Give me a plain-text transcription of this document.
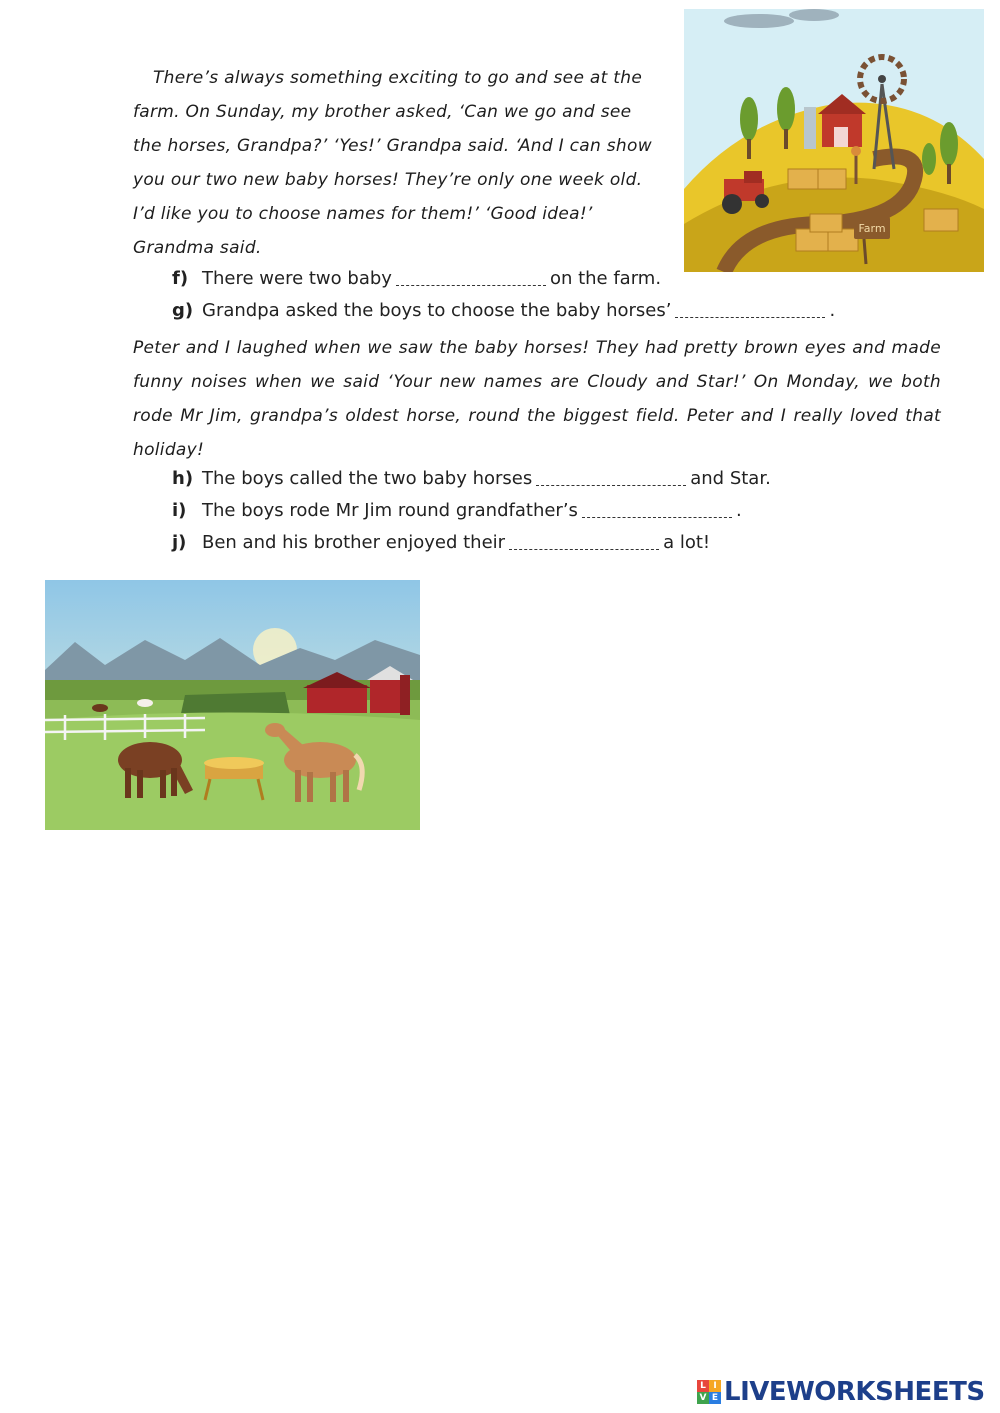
There’s always something exciting to go and see at the farm. On Sunday, my brother asked, ‘Can we go and see the horses, Grandpa?’ ‘Yes!’ Grandpa said. ‘And I can show you our two new baby horses! They’re only one week old. I’d like you to choose names for them!’ ‘Good idea!’ Grandma said.

Farm
f) There were two baby	on the farm.
g) Grandpa asked the boys to choose the baby horses’	.

Peter and I laughed when we saw the baby horses! They had pretty brown eyes and made funny noises when we said ‘Your new names are Cloudy and Star!’ On Monday, we both rode Mr Jim, grandpa’s oldest horse, round the biggest field. Peter and I really loved that holiday!

h) The boys called the two baby horses	and Star.
i) The boys rode Mr Jim round grandfather’s	.
j) Ben and his brother enjoyed their	a lot!
L I
V E LIVEWORKSHEETS
